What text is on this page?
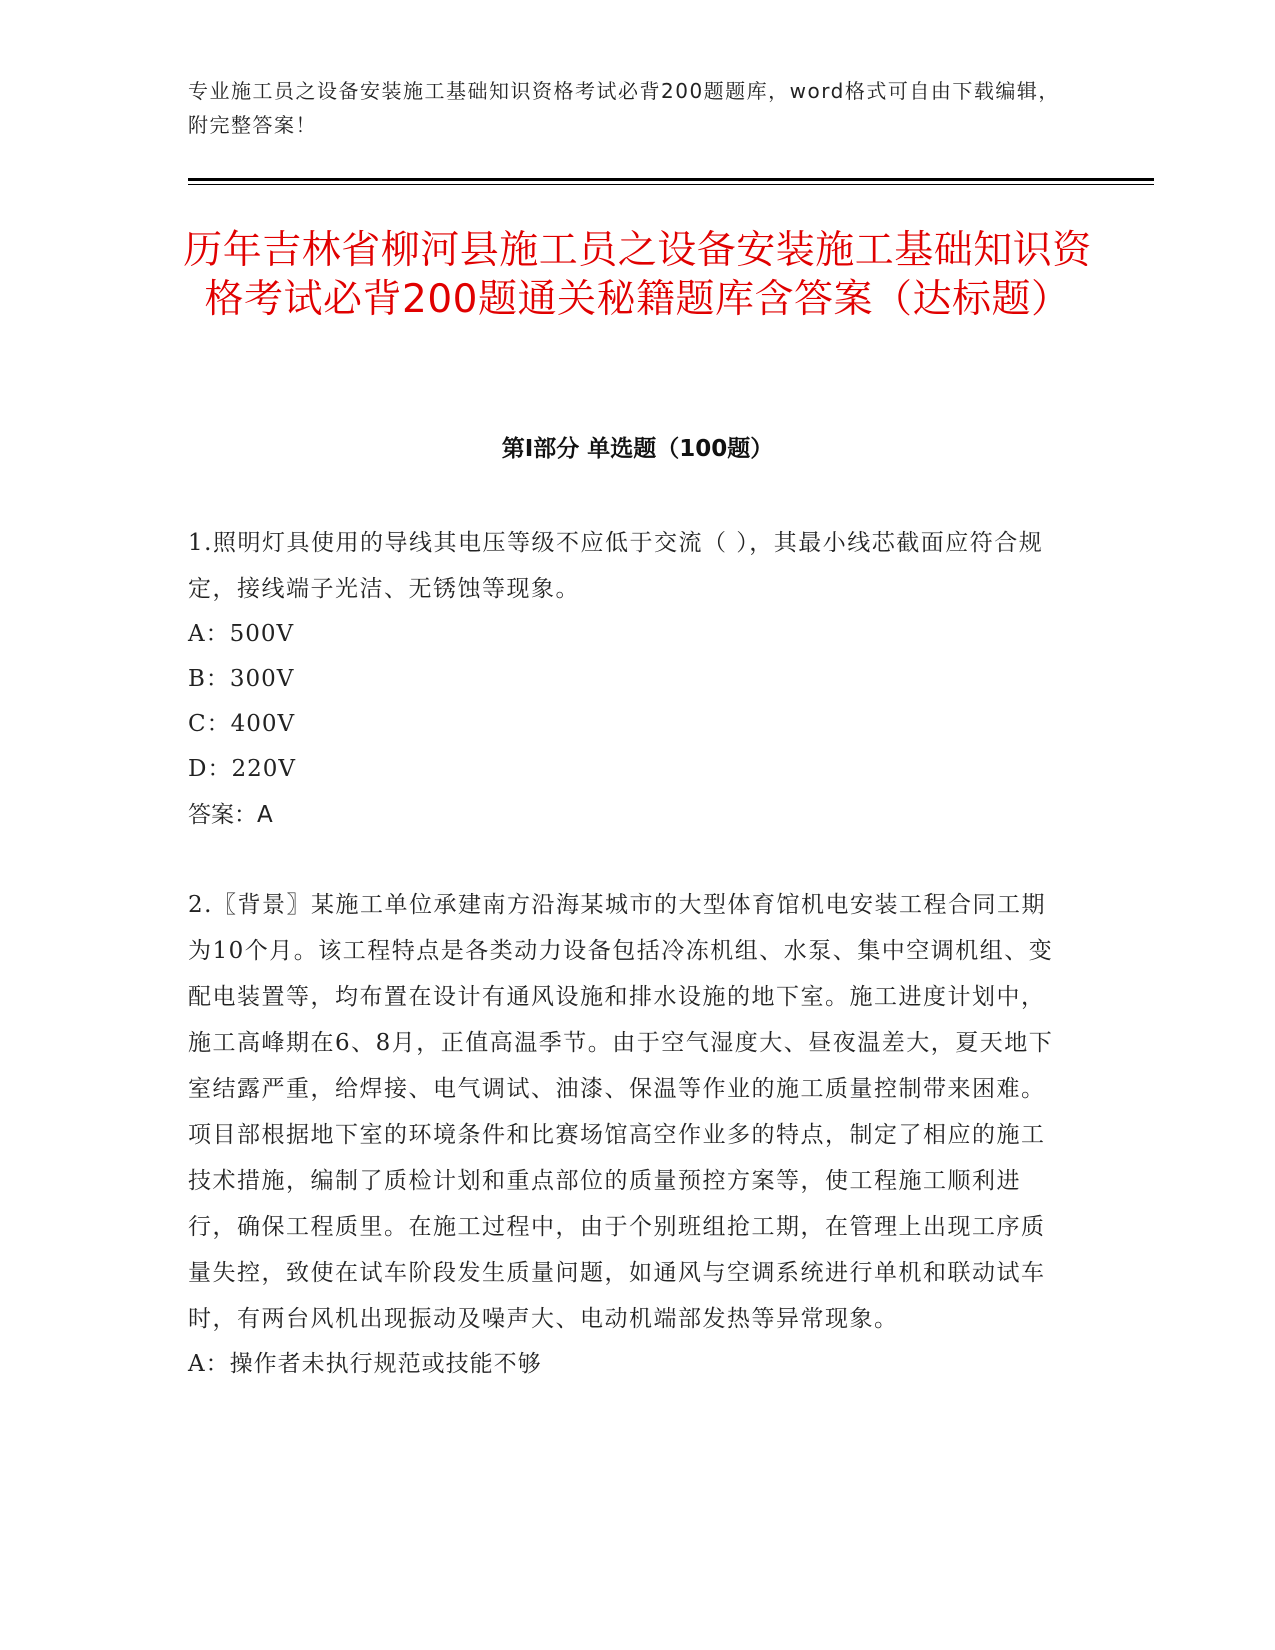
专业施工员之设备安装施工基础知识资格考试必背200题题库，word格式可自由下载编辑，附完整答案！
历年吉林省柳河县施工员之设备安装施工基础知识资格考试必背200题通关秘籍题库含答案（达标题）
第I部分 单选题（100题）

1.照明灯具使用的导线其电压等级不应低于交流（ ），其最小线芯截面应符合规定，接线端子光洁、无锈蚀等现象。

A：500V

B：300V

C：400V

D：220V

答案：A

2.〖背景〗某施工单位承建南方沿海某城市的大型体育馆机电安装工程合同工期为10个月。该工程特点是各类动力设备包括冷冻机组、水泵、集中空调机组、变配电装置等，均布置在设计有通风设施和排水设施的地下室。施工进度计划中，施工高峰期在6、8月，正值高温季节。由于空气湿度大、昼夜温差大，夏天地下室结露严重，给焊接、电气调试、油漆、保温等作业的施工质量控制带来困难。项目部根据地下室的环境条件和比赛场馆高空作业多的特点，制定了相应的施工技术措施，编制了质检计划和重点部位的质量预控方案等，使工程施工顺利进行，确保工程质里。在施工过程中，由于个别班组抢工期，在管理上出现工序质量失控，致使在试车阶段发生质量问题，如通风与空调系统进行单机和联动试车时，有两台风机出现振动及噪声大、电动机端部发热等异常现象。

A：操作者未执行规范或技能不够
